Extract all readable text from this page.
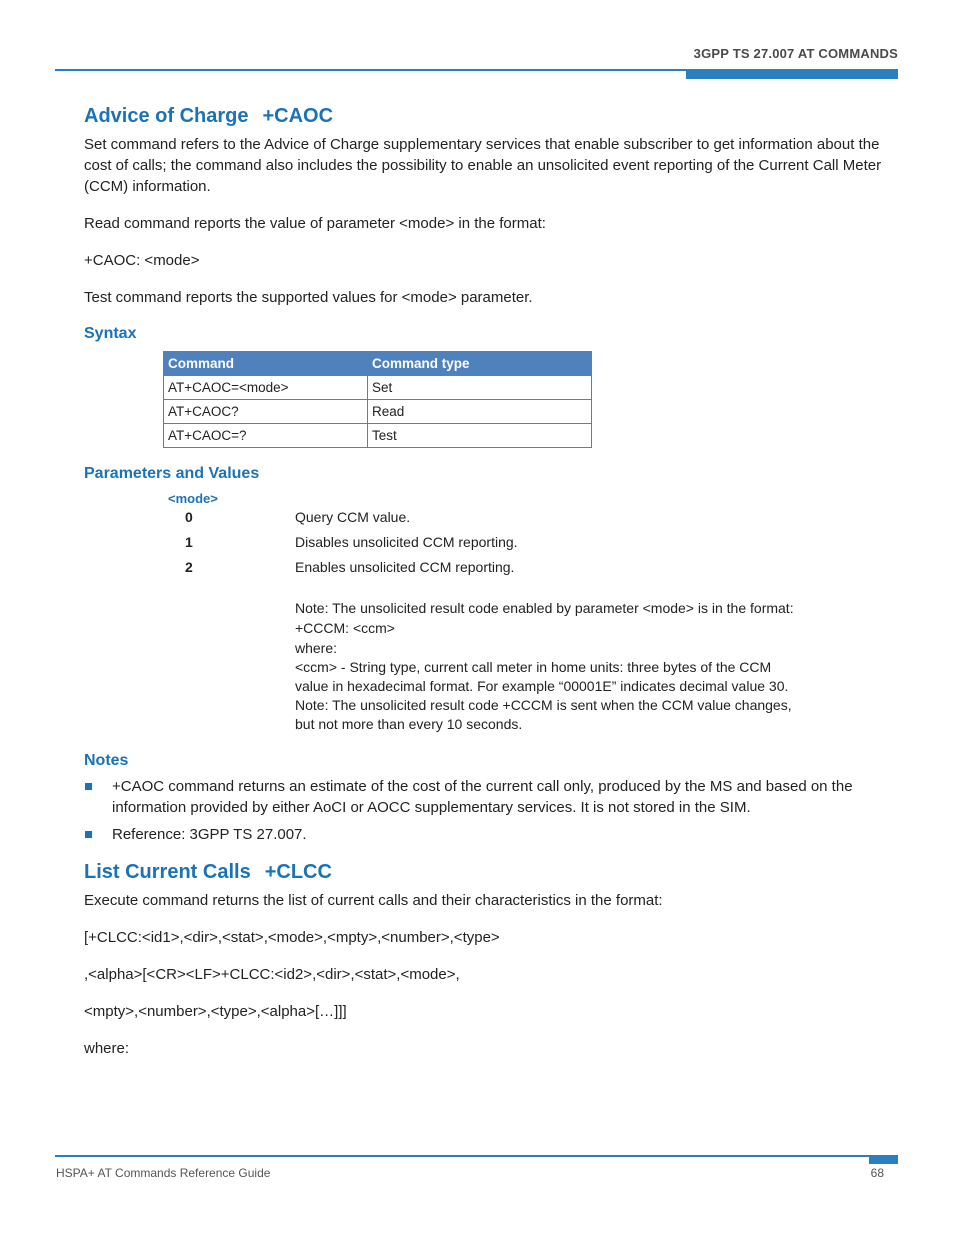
3GPP TS 27.007 AT COMMANDS
Advice of Charge +CAOC

Set command refers to the Advice of Charge supplementary services that enable subscriber to get information about the cost of calls; the command also includes the possibility to enable an unsolicited event reporting of the Current Call Meter (CCM) information.

Read command reports the value of parameter <mode> in the format:

+CAOC: <mode>

Test command reports the supported values for <mode> parameter.

Syntax
Command	Command type
AT+CAOC=<mode>	Set
AT+CAOC?	Read
AT+CAOC=?	Test
Parameters and Values
<mode>
0	Query CCM value.
1	Disables unsolicited CCM reporting.
2	Enables unsolicited CCM reporting.
Note: The unsolicited result code enabled by parameter <mode> is in the format:
+CCCM: <ccm>
where:
<ccm> - String type, current call meter in home units: three bytes of the CCM
value in hexadecimal format. For example “00001E” indicates decimal value 30.
Note: The unsolicited result code +CCCM is sent when the CCM value changes,
but not more than every 10 seconds.
Notes
+CAOC command returns an estimate of the cost of the current call only, produced by the MS and based on the information provided by either AoCI or AOCC supplementary services. It is not stored in the SIM.
Reference: 3GPP TS 27.007.
List Current Calls +CLCC

Execute command returns the list of current calls and their characteristics in the format:

[+CLCC:<id1>,<dir>,<stat>,<mode>,<mpty>,<number>,<type>

,<alpha>[<CR><LF>+CLCC:<id2>,<dir>,<stat>,<mode>,

<mpty>,<number>,<type>,<alpha>[…]]]

where:

HSPA+ AT Commands Reference Guide	68
